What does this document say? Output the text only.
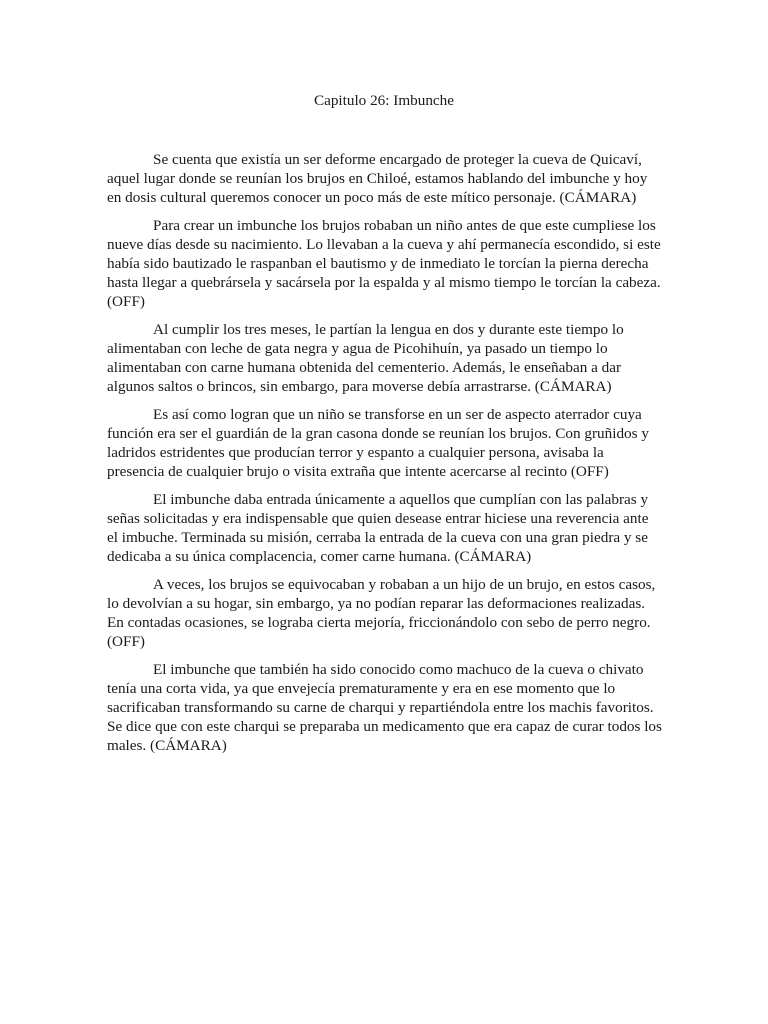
Capitulo 26: Imbunche

Se cuenta que existía un ser deforme encargado de proteger la cueva de Quicaví, aquel lugar donde se reunían los brujos en Chiloé, estamos hablando del imbunche y hoy en dosis cultural queremos conocer un poco más de este mítico personaje. (CÁMARA)

Para crear un imbunche los brujos robaban un niño antes de que este cumpliese los nueve días desde su nacimiento. Lo llevaban a la cueva y ahí permanecía escondido, si este había sido bautizado le raspanban el bautismo y de inmediato le torcían la pierna derecha hasta llegar a quebrársela y sacársela por la espalda y al mismo tiempo le torcían la cabeza. (OFF)

Al cumplir los tres meses, le partían la lengua en dos y durante este tiempo lo alimentaban con leche de gata negra y agua de Picohihuín, ya pasado un tiempo lo alimentaban con carne humana obtenida del cementerio. Además, le enseñaban a dar algunos saltos o brincos, sin embargo, para moverse debía arrastrarse. (CÁMARA)

Es así como logran que un niño se transforse en un ser de aspecto aterrador cuya función era ser el guardián de la gran casona donde se reunían los brujos. Con gruñidos y ladridos estridentes que producían terror y espanto a cualquier persona, avisaba la presencia de cualquier brujo o visita extraña que intente acercarse al recinto (OFF)

El imbunche daba entrada únicamente a aquellos que cumplían con las palabras y señas solicitadas y era indispensable que quien desease entrar hiciese una reverencia ante el imbuche. Terminada su misión, cerraba la entrada de la cueva con una gran piedra y se dedicaba a su única complacencia, comer carne humana. (CÁMARA)

A veces, los brujos se equivocaban y robaban a un hijo de un brujo, en estos casos, lo devolvían a su hogar, sin embargo, ya no podían reparar las deformaciones realizadas. En contadas ocasiones, se lograba cierta mejoría, friccionándolo con sebo de perro negro. (OFF)

El imbunche que también ha sido conocido como machuco de la cueva o chivato tenía una corta vida, ya que envejecía prematuramente y era en ese momento que lo sacrificaban transformando su carne de charqui y repartiéndola entre los machis favoritos. Se dice que con este charqui se preparaba un medicamento que era capaz de curar todos los males. (CÁMARA)
